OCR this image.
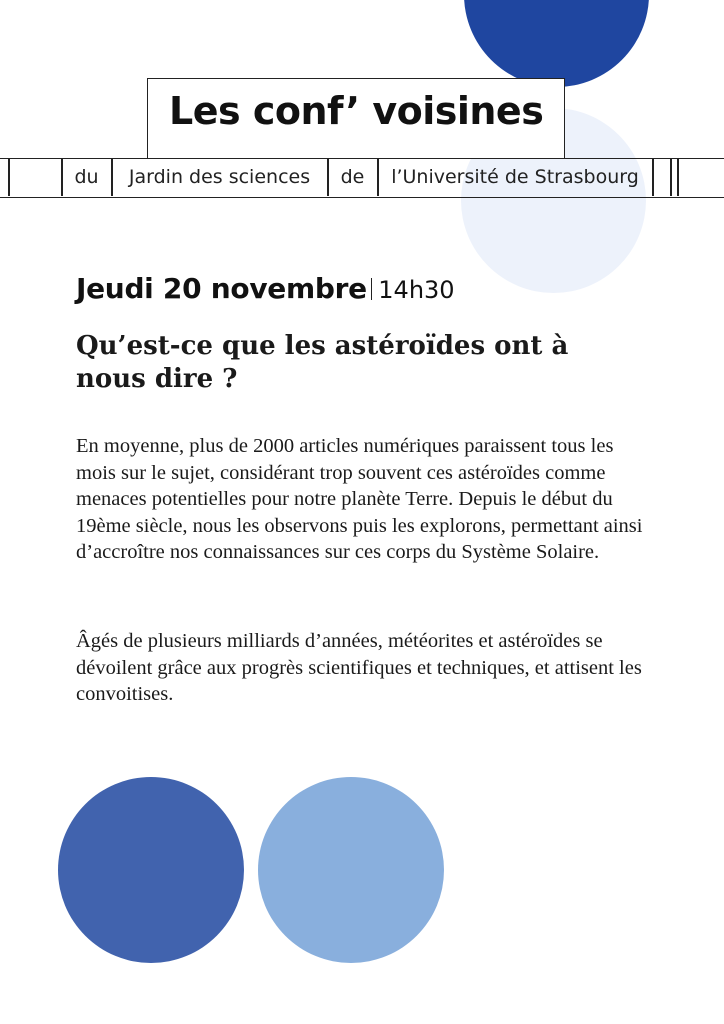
Les conf’ voisines
du	Jardin des sciences	de	l’Université de Strasbourg
Jeudi 20 novembre 14h30
Qu’est-ce que les astéroïdes ont à nous dire ?
En moyenne, plus de 2000 articles numériques paraissent tous les mois sur le sujet, considérant trop souvent ces astéroïdes comme menaces potentielles pour notre planète Terre. Depuis le début du 19ème siècle, nous les observons puis les explorons, permettant ainsi d’accroître nos connaissances sur ces corps du Système Solaire.
Âgés de plusieurs milliards d’années, météorites et astéroïdes se dévoilent grâce aux progrès scientifiques et techniques, et attisent les convoitises.
